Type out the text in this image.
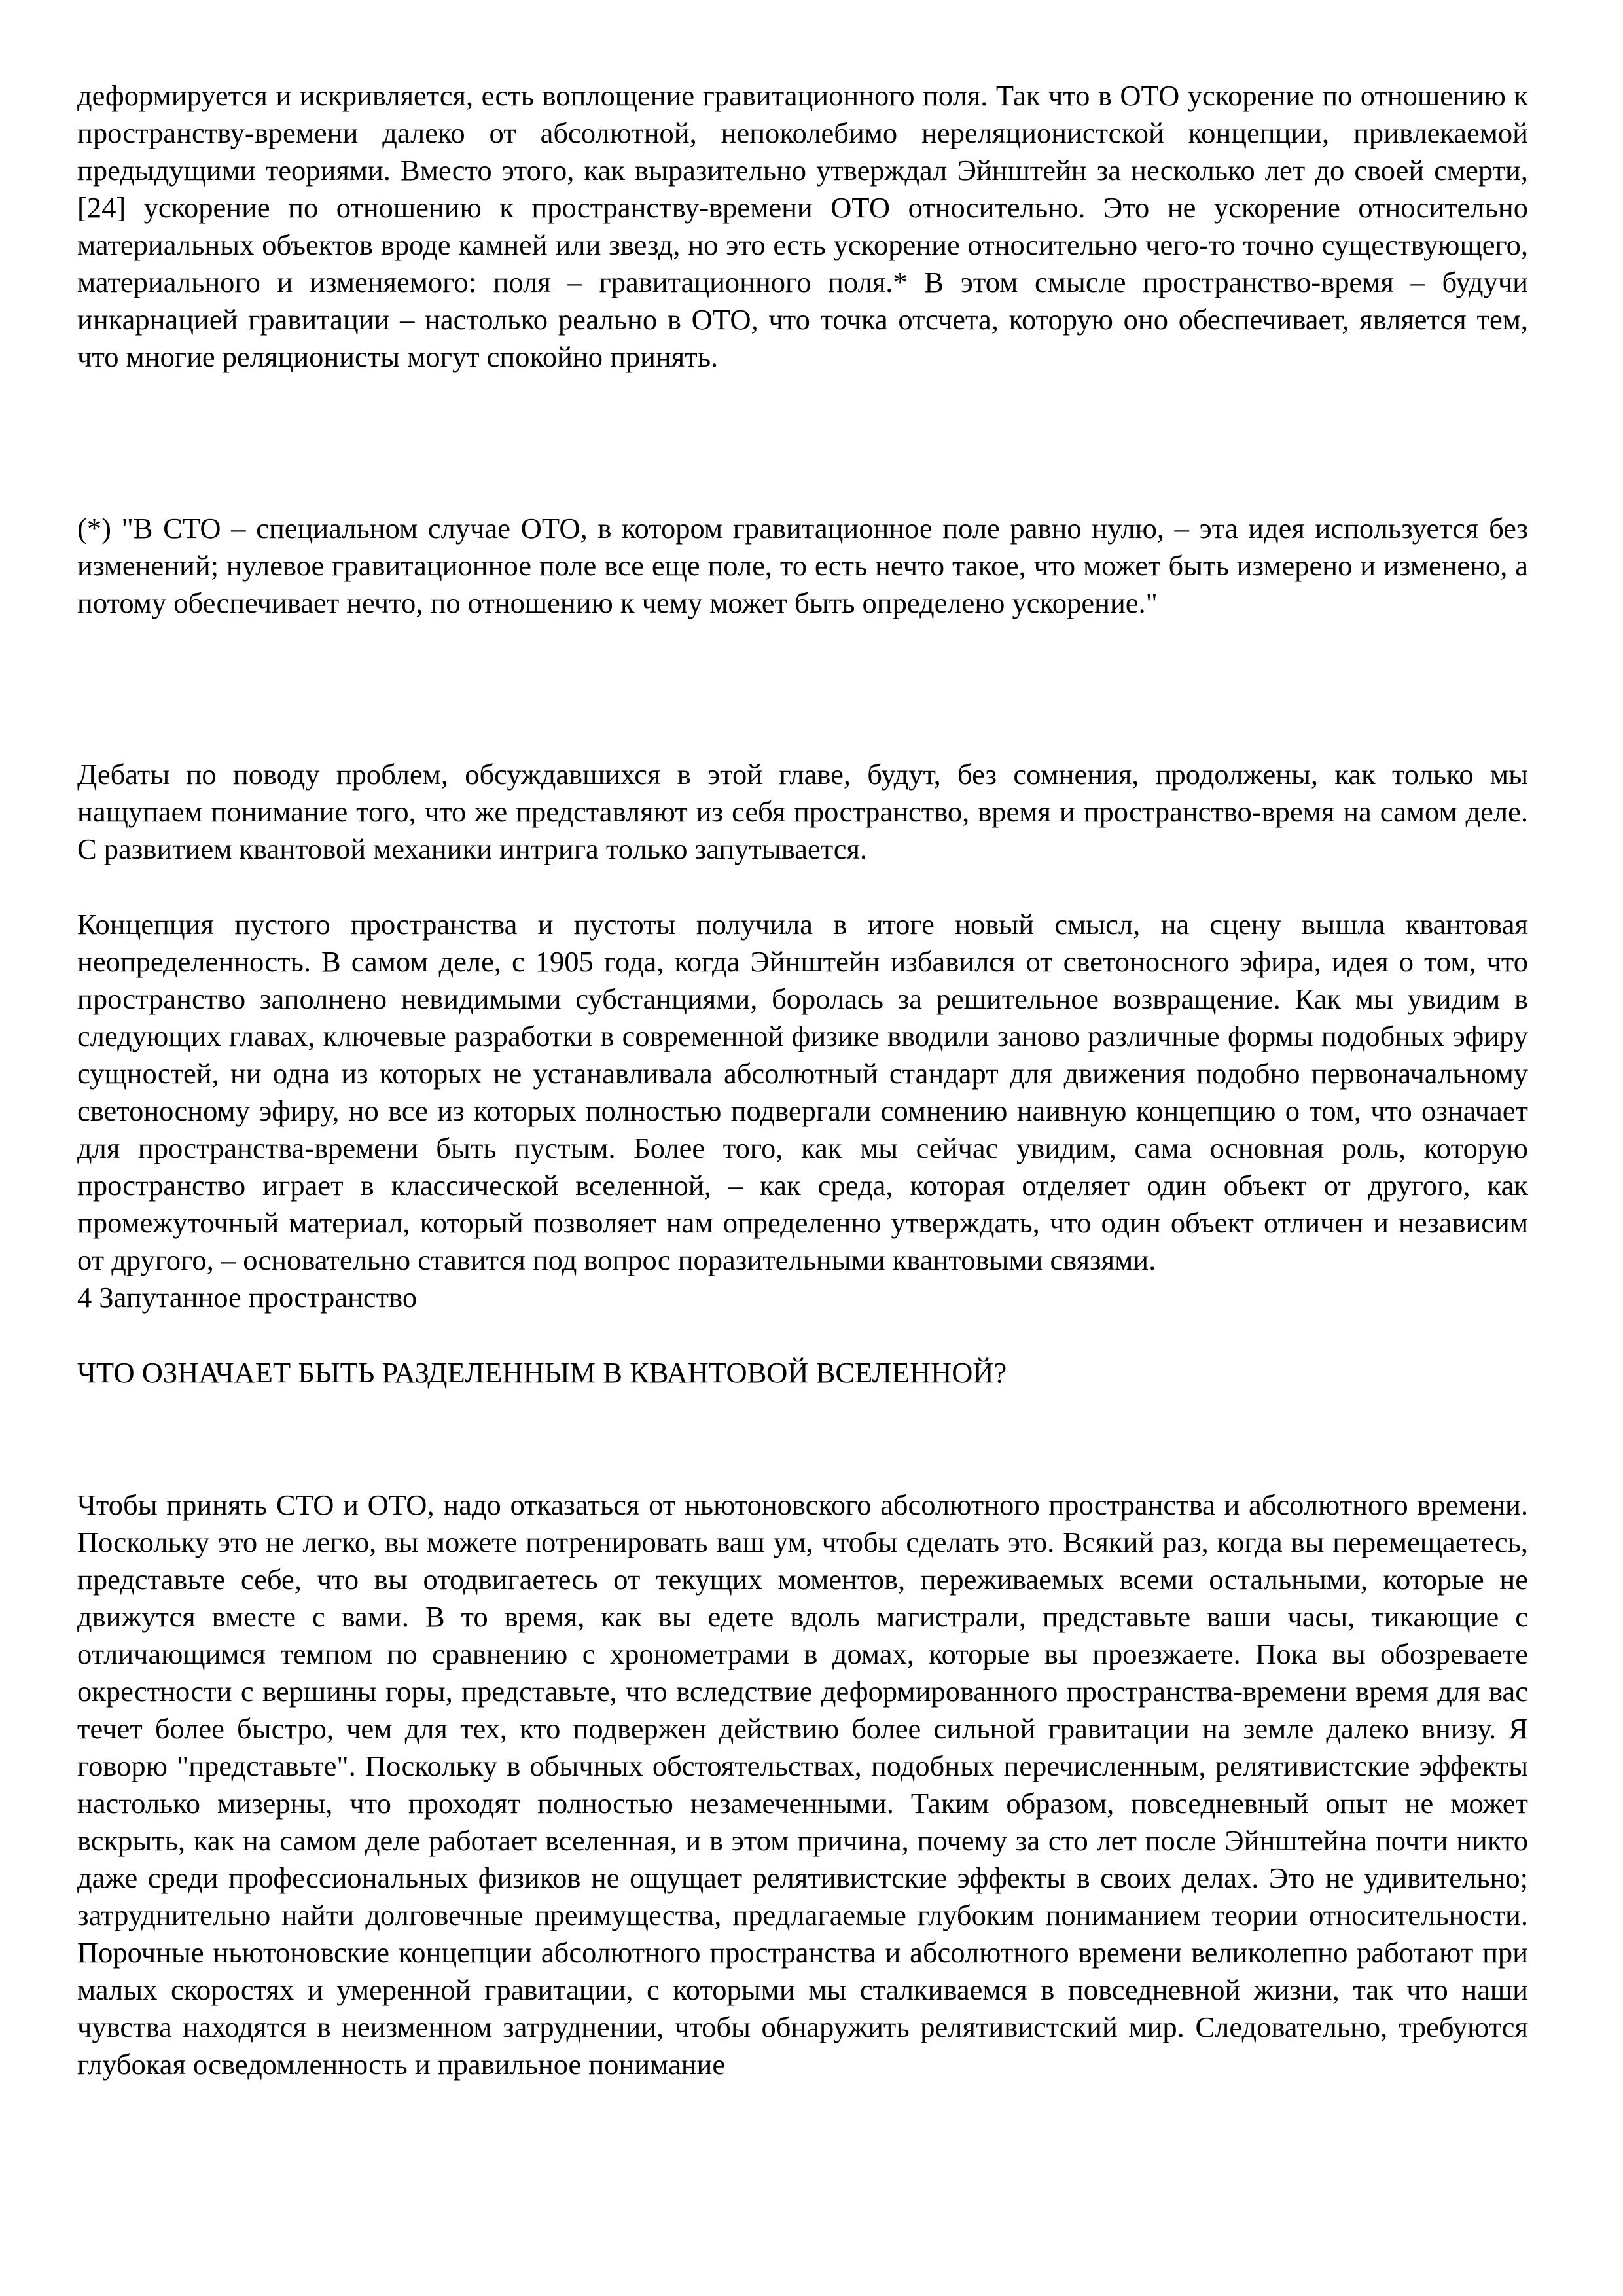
деформируется и искривляется, есть воплощение гравитационного поля. Так что в ОТО ускорение по отношению к пространству-времени далеко от абсолютной, непоколебимо нереляционистской концепции, привлекаемой предыдущими теориями. Вместо этого, как выразительно утверждал Эйнштейн за несколько лет до своей смерти,[24] ускорение по отношению к пространству-времени ОТО относительно. Это не ускорение относительно материальных объектов вроде камней или звезд, но это есть ускорение относительно чего-то точно существующего, материального и изменяемого: поля – гравитационного поля.* В этом смысле пространство-время – будучи инкарнацией гравитации – настолько реально в ОТО, что точка отсчета, которую оно обеспечивает, является тем, что многие реляционисты могут спокойно принять.

(*) "В СТО – специальном случае ОТО, в котором гравитационное поле равно нулю, – эта идея используется без изменений; нулевое гравитационное поле все еще поле, то есть нечто такое, что может быть измерено и изменено, а потому обеспечивает нечто, по отношению к чему может быть определено ускорение."

Дебаты по поводу проблем, обсуждавшихся в этой главе, будут, без сомнения, продолжены, как только мы нащупаем понимание того, что же представляют из себя пространство, время и пространство-время на самом деле. С развитием квантовой механики интрига только запутывается.

Концепция пустого пространства и пустоты получила в итоге новый смысл, на сцену вышла квантовая неопределенность. В самом деле, с 1905 года, когда Эйнштейн избавился от светоносного эфира, идея о том, что пространство заполнено невидимыми субстанциями, боролась за решительное возвращение. Как мы увидим в следующих главах, ключевые разработки в современной физике вводили заново различные формы подобных эфиру сущностей, ни одна из которых не устанавливала абсолютный стандарт для движения подобно первоначальному светоносному эфиру, но все из которых полностью подвергали сомнению наивную концепцию о том, что означает для пространства-времени быть пустым. Более того, как мы сейчас увидим, сама основная роль, которую пространство играет в классической вселенной, – как среда, которая отделяет один объект от другого, как промежуточный материал, который позволяет нам определенно утверждать, что один объект отличен и независим от другого, – основательно ставится под вопрос поразительными квантовыми связями.

4 Запутанное пространство

ЧТО ОЗНАЧАЕТ БЫТЬ РАЗДЕЛЕННЫМ В КВАНТОВОЙ ВСЕЛЕННОЙ?

Чтобы принять СТО и ОТО, надо отказаться от ньютоновского абсолютного пространства и абсолютного времени. Поскольку это не легко, вы можете потренировать ваш ум, чтобы сделать это. Всякий раз, когда вы перемещаетесь, представьте себе, что вы отодвигаетесь от текущих моментов, переживаемых всеми остальными, которые не движутся вместе с вами. В то время, как вы едете вдоль магистрали, представьте ваши часы, тикающие с отличающимся темпом по сравнению с хронометрами в домах, которые вы проезжаете. Пока вы обозреваете окрестности с вершины горы, представьте, что вследствие деформированного пространства-времени время для вас течет более быстро, чем для тех, кто подвержен действию более сильной гравитации на земле далеко внизу. Я говорю "представьте". Поскольку в обычных обстоятельствах, подобных перечисленным, релятивистские эффекты настолько мизерны, что проходят полностью незамеченными. Таким образом, повседневный опыт не может вскрыть, как на самом деле работает вселенная, и в этом причина, почему за сто лет после Эйнштейна почти никто даже среди профессиональных физиков не ощущает релятивистские эффекты в своих делах. Это не удивительно; затруднительно найти долговечные преимущества, предлагаемые глубоким пониманием теории относительности. Порочные ньютоновские концепции абсолютного пространства и абсолютного времени великолепно работают при малых скоростях и умеренной гравитации, с которыми мы сталкиваемся в повседневной жизни, так что наши чувства находятся в неизменном затруднении, чтобы обнаружить релятивистский мир. Следовательно, требуются глубокая осведомленность и правильное понимание
